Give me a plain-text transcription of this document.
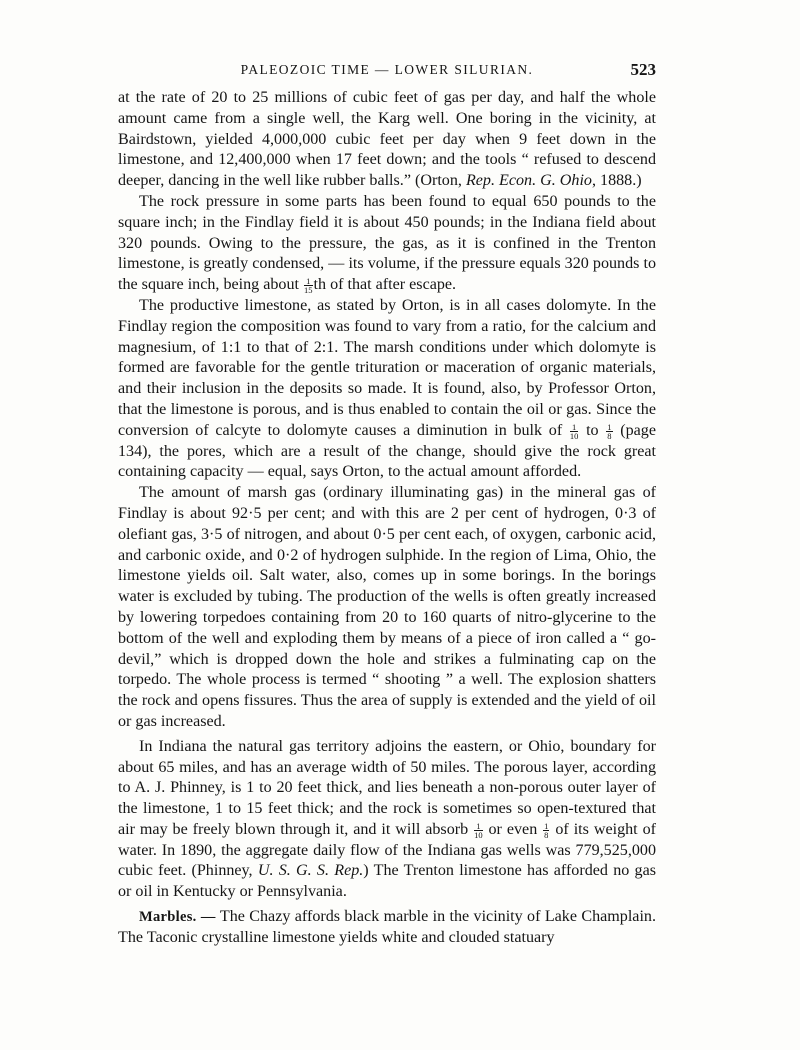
PALEOZOIC TIME — LOWER SILURIAN.	523

at the rate of 20 to 25 millions of cubic feet of gas per day, and half the whole amount came from a single well, the Karg well. One boring in the vicinity, at Bairdstown, yielded 4,000,000 cubic feet per day when 9 feet down in the limestone, and 12,400,000 when 17 feet down; and the tools “ refused to descend deeper, dancing in the well like rubber balls.” (Orton, Rep. Econ. G. Ohio, 1888.)

The rock pressure in some parts has been found to equal 650 pounds to the square inch; in the Findlay field it is about 450 pounds; in the Indiana field about 320 pounds. Owing to the pressure, the gas, as it is confined in the Trenton limestone, is greatly condensed, — its volume, if the pressure equals 320 pounds to the square inch, being about $\frac{1}{15}$ th of that after escape.

The productive limestone, as stated by Orton, is in all cases dolomyte. In the Findlay region the composition was found to vary from a ratio, for the calcium and magnesium, of 1:1 to that of 2:1. The marsh conditions under which dolomyte is formed are favorable for the gentle trituration or maceration of organic materials, and their inclusion in the deposits so made. It is found, also, by Professor Orton, that the limestone is porous, and is thus enabled to contain the oil or gas. Since the conversion of calcyte to dolomyte causes a diminution in bulk of $\frac{1}{10}$ to $\frac{1}{8}$ (page 134), the pores, which are a result of the change, should give the rock great containing capacity — equal, says Orton, to the actual amount afforded.

The amount of marsh gas (ordinary illuminating gas) in the mineral gas of Findlay is about 92·5 per cent; and with this are 2 per cent of hydrogen, 0·3 of olefiant gas, 3·5 of nitrogen, and about 0·5 per cent each, of oxygen, carbonic acid, and carbonic oxide, and 0·2 of hydrogen sulphide. In the region of Lima, Ohio, the limestone yields oil. Salt water, also, comes up in some borings. In the borings water is excluded by tubing. The production of the wells is often greatly increased by lowering torpedoes containing from 20 to 160 quarts of nitro-glycerine to the bottom of the well and exploding them by means of a piece of iron called a “ go-devil,” which is dropped down the hole and strikes a fulminating cap on the torpedo. The whole process is termed “ shooting ” a well. The explosion shatters the rock and opens fissures. Thus the area of supply is extended and the yield of oil or gas increased.

In Indiana the natural gas territory adjoins the eastern, or Ohio, boundary for about 65 miles, and has an average width of 50 miles. The porous layer, according to A. J. Phinney, is 1 to 20 feet thick, and lies beneath a non-porous outer layer of the limestone, 1 to 15 feet thick; and the rock is sometimes so open-textured that air may be freely blown through it, and it will absorb $\frac{1}{10}$ or even $\frac{1}{8}$ of its weight of water. In 1890, the aggregate daily flow of the Indiana gas wells was 779,525,000 cubic feet. (Phinney, U. S. G. S. Rep.) The Trenton limestone has afforded no gas or oil in Kentucky or Pennsylvania.

Marbles. — The Chazy affords black marble in the vicinity of Lake Champlain. The Taconic crystalline limestone yields white and clouded statuary
